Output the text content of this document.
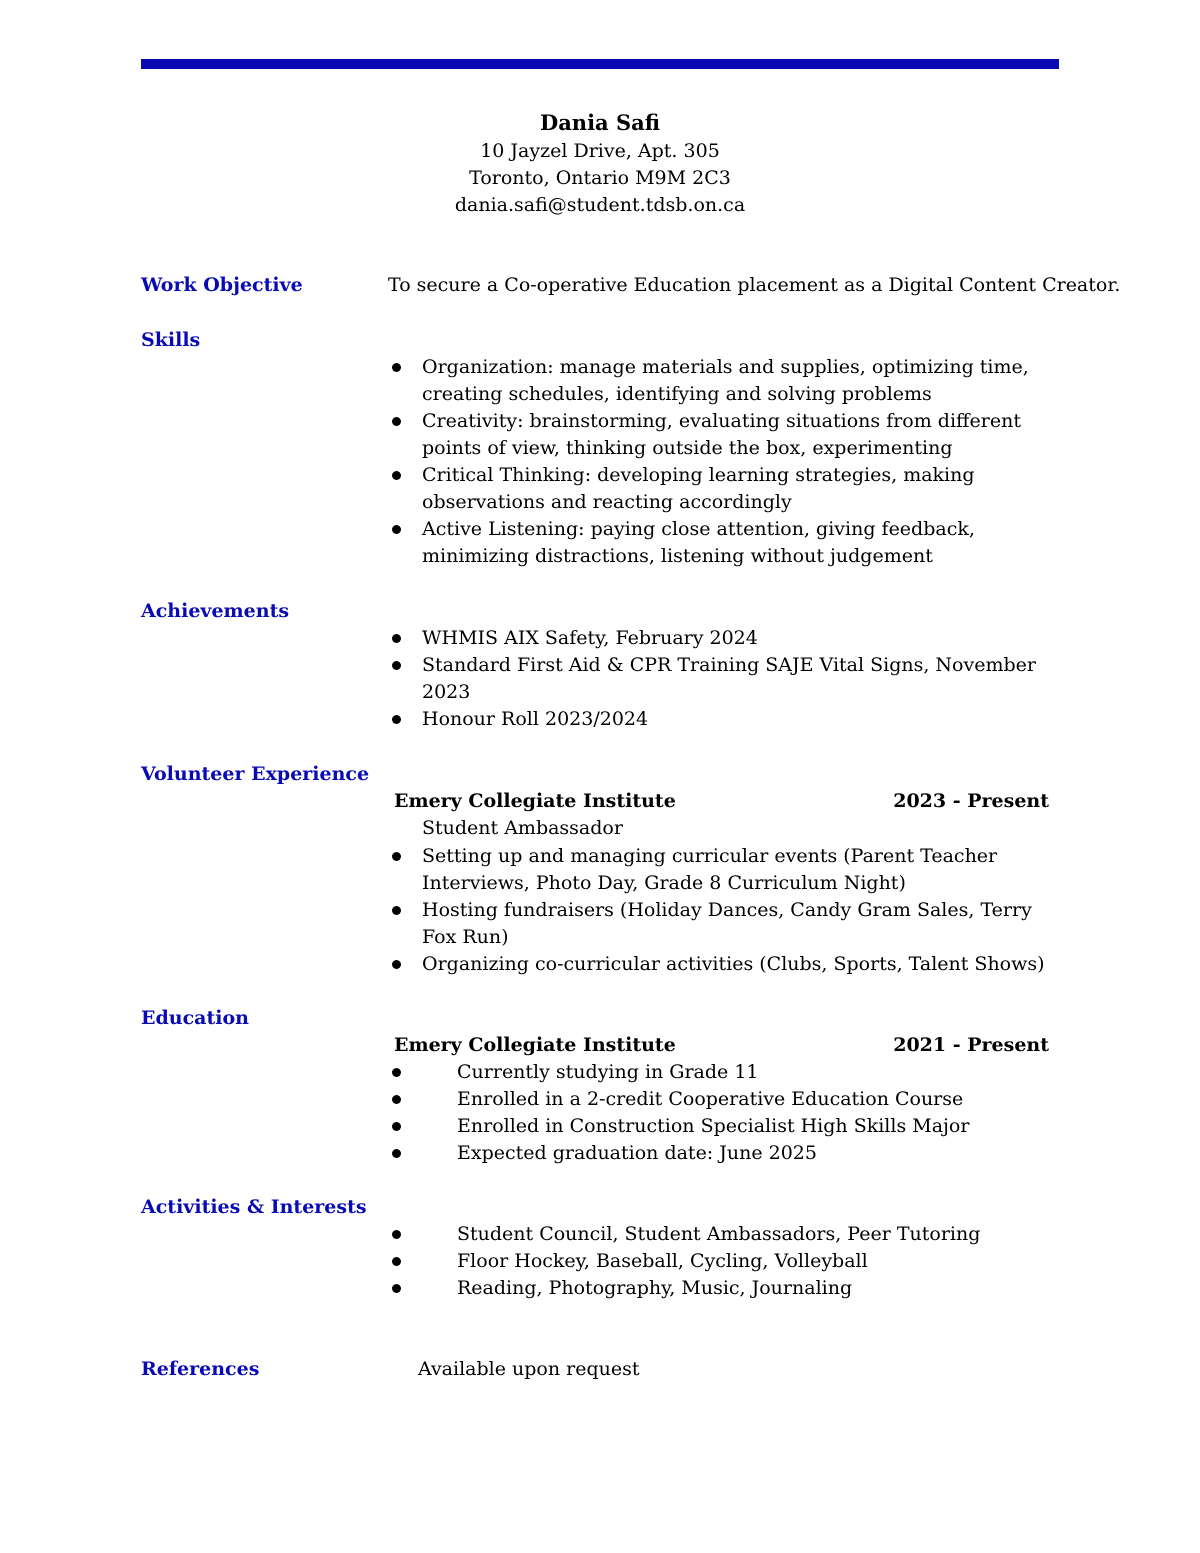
Dania Safi
10 Jayzel Drive, Apt. 305
Toronto, Ontario M9M 2C3
dania.safi@student.tdsb.on.ca
Work Objective	To secure a Co-operative Education placement as a Digital Content Creator.
Skills
Organization: manage materials and supplies, optimizing time,
creating schedules, identifying and solving problems
Creativity: brainstorming, evaluating situations from different
points of view, thinking outside the box, experimenting
Critical Thinking: developing learning strategies, making
observations and reacting accordingly
Active Listening: paying close attention, giving feedback,
minimizing distractions, listening without judgement
Achievements
WHMIS AIX Safety, February 2024
Standard First Aid & CPR Training SAJE Vital Signs, November
2023
Honour Roll 2023/2024
Volunteer Experience
Emery Collegiate Institute	2023 - Present
Student Ambassador
Setting up and managing curricular events (Parent Teacher
Interviews, Photo Day, Grade 8 Curriculum Night)
Hosting fundraisers (Holiday Dances, Candy Gram Sales, Terry
Fox Run)
Organizing co-curricular activities (Clubs, Sports, Talent Shows)
Education
Emery Collegiate Institute	2021 - Present
Currently studying in Grade 11
Enrolled in a 2-credit Cooperative Education Course
Enrolled in Construction Specialist High Skills Major
Expected graduation date: June 2025
Activities & Interests
Student Council, Student Ambassadors, Peer Tutoring
Floor Hockey, Baseball, Cycling, Volleyball
Reading, Photography, Music, Journaling
References	Available upon request
